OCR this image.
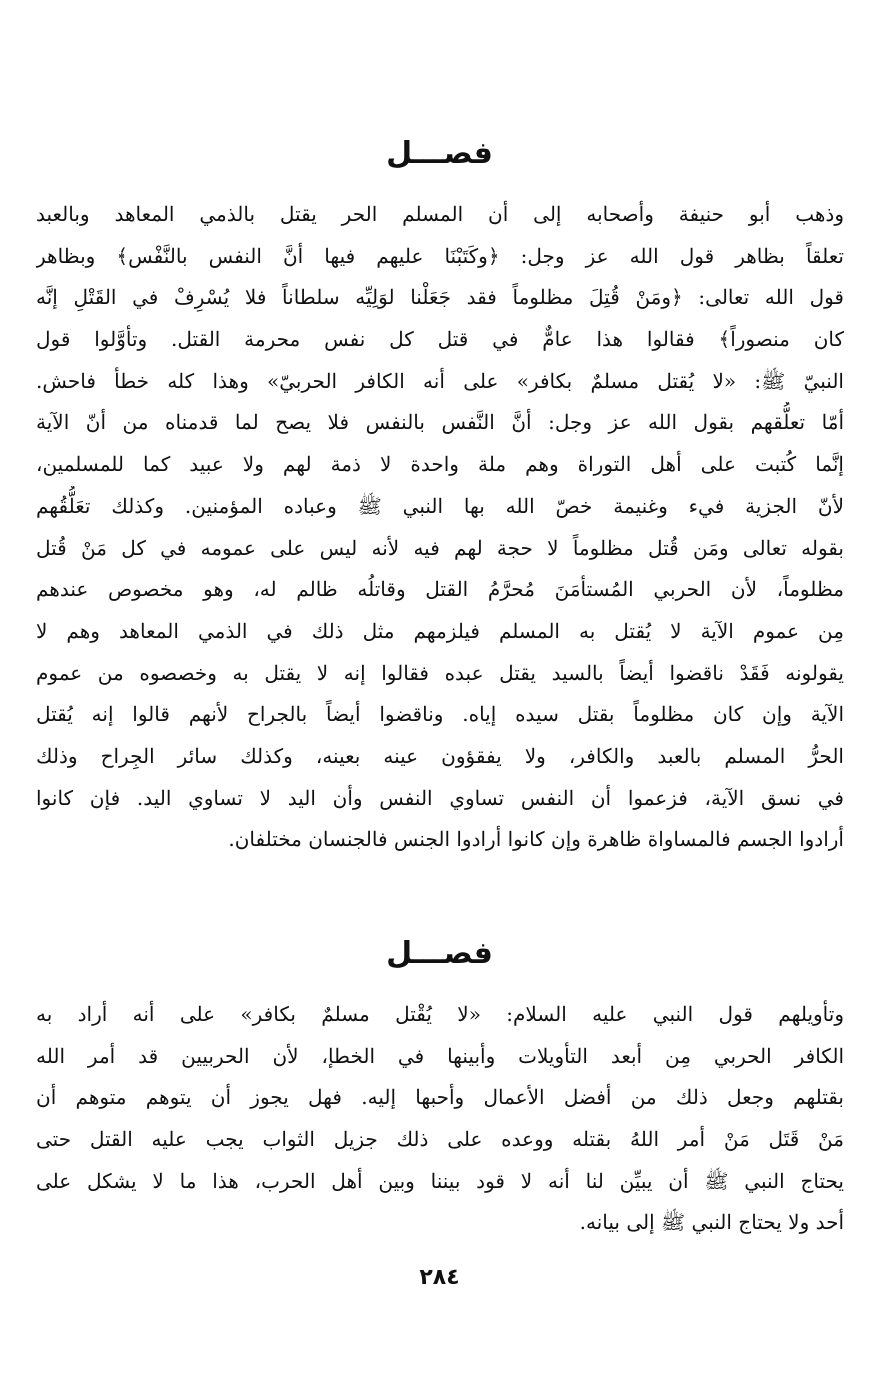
فصـــل
وذهب أبو حنيفة وأصحابه إلى أن المسلم الحر يقتل بالذمي المعاهد وبالعبد
تعلقاً بظاهر قول الله عز وجل: ﴿وكَتَبْنَا عليهم فيها أنَّ النفس بالنَّفْس﴾ وبظاهر
قول الله تعالى: ﴿ومَنْ قُتِلَ مظلوماً فقد جَعَلْنا لوَلِيِّه سلطاناً فلا يُسْرِفْ في القَتْلِ إنَّه
كان منصوراً﴾ فقالوا هذا عامٌّ في قتل كل نفس محرمة القتل. وتأوَّلوا قول
النبيّ ﷺ: «لا يُقتل مسلمٌ بكافر» على أنه الكافر الحربيّ» وهذا كله خطأ فاحش.
أمّا تعلُّقهم بقول الله عز وجل: أنَّ النَّفس بالنفس فلا يصح لما قدمناه من أنّ الآية
إنَّما كُتبت على أهل التوراة وهم ملة واحدة لا ذمة لهم ولا عبيد كما للمسلمين،
لأنّ الجزية فيء وغنيمة خصّ الله بها النبي ﷺ وعباده المؤمنين. وكذلك تعَلُّقُهم
بقوله تعالى ومَن قُتل مظلوماً لا حجة لهم فيه لأنه ليس على عمومه في كل مَنْ قُتل
مظلوماً، لأن الحربي المُستأمَنَ مُحرَّمُ القتل وقاتلُه ظالم له، وهو مخصوص عندهم
مِن عموم الآية لا يُقتل به المسلم فيلزمهم مثل ذلك في الذمي المعاهد وهم لا
يقولونه فَقَدْ ناقضوا أيضاً بالسيد يقتل عبده فقالوا إنه لا يقتل به وخصصوه من عموم
الآية وإن كان مظلوماً بقتل سيده إياه. وناقضوا أيضاً بالجراح لأنهم قالوا إنه يُقتل
الحرُّ المسلم بالعبد والكافر، ولا يفقؤون عينه بعينه، وكذلك سائر الجِراح وذلك
في نسق الآية، فزعموا أن النفس تساوي النفس وأن اليد لا تساوي اليد. فإن كانوا
أرادوا الجسم فالمساواة ظاهرة وإن كانوا أرادوا الجنس فالجنسان مختلفان.
فصـــل
وتأويلهم قول النبي عليه السلام: «لا يُقْتل مسلمٌ بكافر» على أنه أراد به
الكافر الحربي مِن أبعد التأويلات وأبينها في الخطإ، لأن الحربيين قد أمر الله
بقتلهم وجعل ذلك من أفضل الأعمال وأحبها إليه. فهل يجوز أن يتوهم متوهم أن
مَنْ قَتَل مَنْ أمر اللهُ بقتله ووعده على ذلك جزيل الثواب يجب عليه القتل حتى
يحتاج النبي ﷺ أن يبيِّن لنا أنه لا قود بيننا وبين أهل الحرب، هذا ما لا يشكل على
أحد ولا يحتاج النبي ﷺ إلى بيانه.
٢٨٤
